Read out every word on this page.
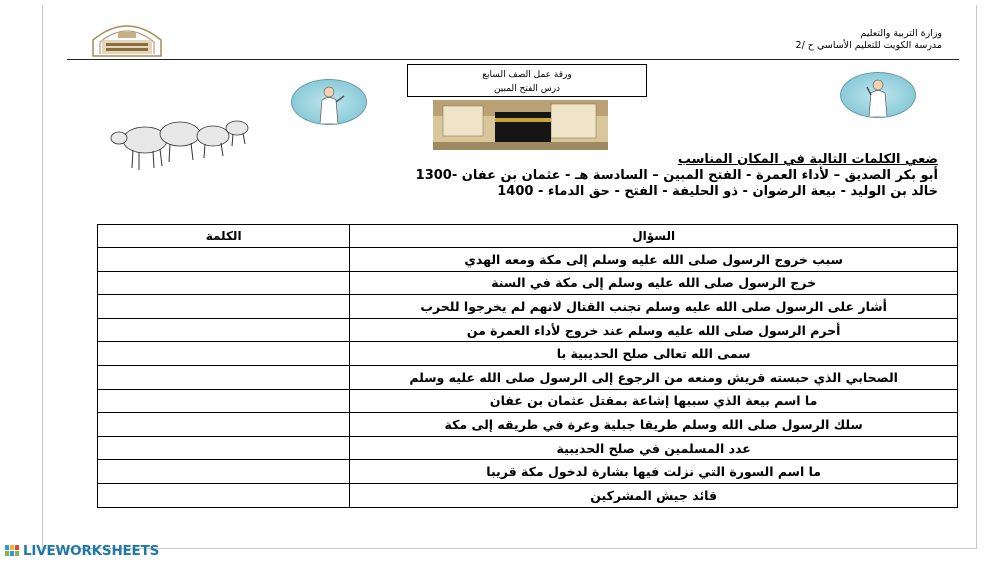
وزارة التربية والتعليم
مدرسة الكويت للتعليم الأساسي ح /2
ورقة عمل الصف السابع
درس الفتح المبين
ضعي الكلمات التالية في المكان المناسب
أبو بكر الصديق – لأداء العمرة - الفتح المبين – السادسة هـ - عثمان بن عفان -1300
خالد بن الوليد - بيعة الرضوان - ذو الحليفة - الفتح - حق الدماء - 1400
السؤال	الكلمة
سبب خروج الرسول صلى الله عليه وسلم إلى مكة ومعه الهدي	
خرج الرسول صلى الله عليه وسلم إلى مكة في السنة	
أشار على الرسول صلى الله عليه وسلم تجنب القتال لانهم لم يخرجوا للحرب	
أحرم الرسول صلى الله عليه وسلم عند خروج لأداء العمرة من	
سمى الله تعالى صلح الحديبية با	
الصحابي الذي حبسته قريش ومنعه من الرجوع إلى الرسول صلى الله عليه وسلم	
ما اسم بيعة الذي سببها إشاعة بمقتل عثمان بن عفان	
سلك الرسول صلى الله وسلم طريقا جبلية وعرة في طريقه إلى مكة	
عدد المسلمين في صلح الحديبية	
ما اسم السورة التي نزلت فيها بشارة لدخول مكة قريبا	
قائد جيش المشركين	
LIVEWORKSHEETS
